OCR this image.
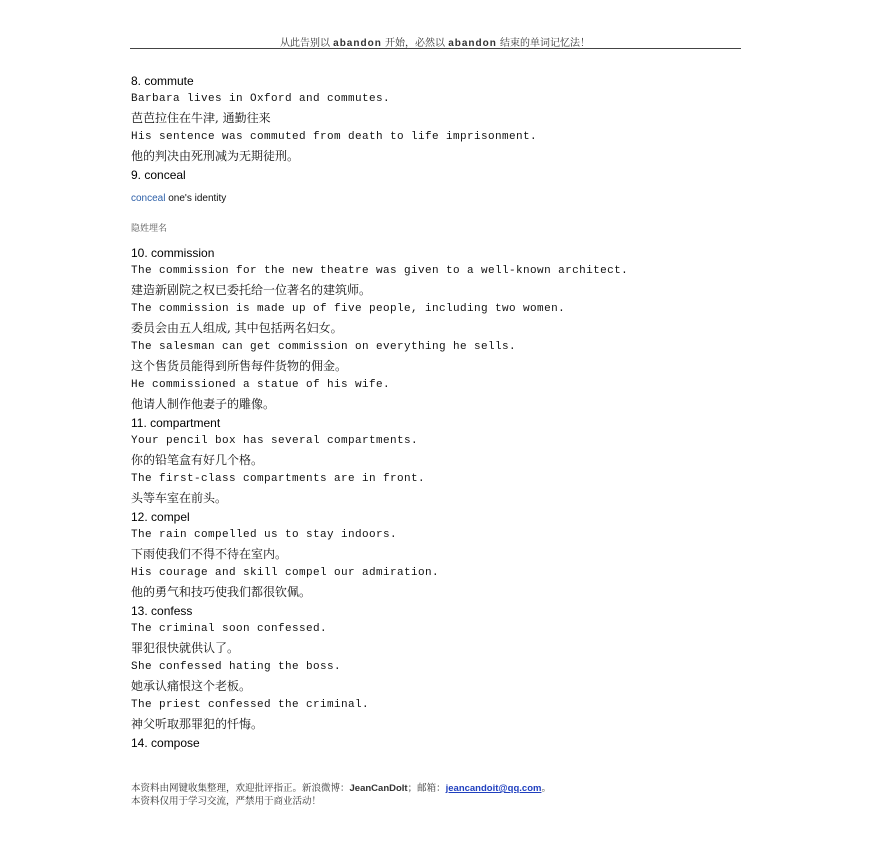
从此告别以 abandon 开始，必然以 abandon 结束的单词记忆法！
8. commute
Barbara lives in Oxford and commutes.
芭芭拉住在牛津, 通勤往来
His sentence was commuted from death to life imprisonment.
他的判决由死刑减为无期徒刑。
9. conceal
conceal one's identity
隐姓埋名
10. commission
The commission for the new theatre was given to a well-known architect.
建造新剧院之权已委托给一位著名的建筑师。
The commission is made up of five people, including two women.
委员会由五人组成, 其中包括两名妇女。
The salesman can get commission on everything he sells.
这个售货员能得到所售每件货物的佣金。
He commissioned a statue of his wife.
他请人制作他妻子的雕像。
11. compartment
Your pencil box has several compartments.
你的铅笔盒有好几个格。
The first-class compartments are in front.
头等车室在前头。
12. compel
The rain compelled us to stay indoors.
下雨使我们不得不待在室内。
His courage and skill compel our admiration.
他的勇气和技巧使我们都很钦佩。
13. confess
The criminal soon confessed.
罪犯很快就供认了。
She confessed hating the boss.
她承认痛恨这个老板。
The priest confessed the criminal.
神父听取那罪犯的忏悔。
14. compose
本资料由网键收集整理，欢迎批评指正。新浪微博：JeanCanDoIt；邮箱：jeancandoit@qq.com。
本资料仅用于学习交流，严禁用于商业活动！
